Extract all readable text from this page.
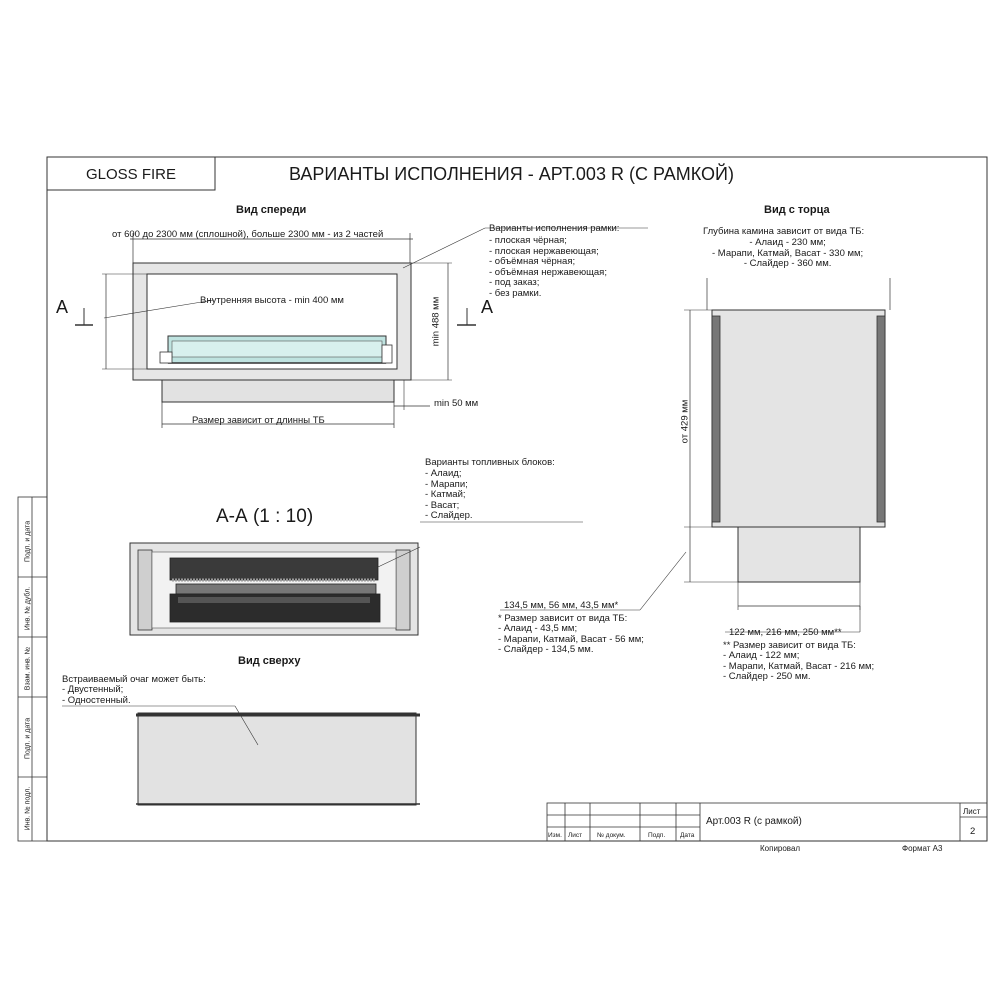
GLOSS FIRE	ВАРИАНТЫ ИСПОЛНЕНИЯ - АРТ.003 R (С РАМКОЙ)
Подп. и дата
Инв. № дубл.
Взам. инв. №
Подп. и дата
Инв. № подл.
Вид спереди
от 600 до 2300 мм (сплошной), больше 2300 мм - из 2 частей
Внутренняя высота - min 400 мм	min 488 мм
min 50 мм
Размер зависит от длинны ТБ
A	A
Варианты исполнения рамки:
- плоская чёрная;
- плоская нержавеющая;
- объёмная чёрная;
- объёмная нержавеющая;
- под заказ;
- без рамки.
А-А (1 : 10)
Варианты топливных блоков:
- Алаид;
- Марапи;
- Катмай;
- Васат;
- Слайдер.
134,5 мм, 56 мм, 43,5 мм*
* Размер зависит от вида ТБ:
- Алаид - 43,5 мм;
- Марапи, Катмай, Васат - 56 мм;
- Слайдер - 134,5 мм.
Вид сверху
Встраиваемый очаг может быть:
- Двустенный;
- Одностенный.
Вид с торца
Глубина камина зависит от вида ТБ:
- Алаид - 230 мм;
- Марапи, Катмай, Васат - 330 мм;
- Слайдер - 360 мм.
от 429 мм
122 мм, 216 мм, 250 мм**
** Размер зависит от вида ТБ:
- Алаид - 122 мм;
- Марапи, Катмай, Васат - 216 мм;
- Слайдер - 250 мм.
Арт.003 R (с рамкой)
Лист
2
Изм. Лист № докум.	Подп. Дата
Копировал	Формат А3
